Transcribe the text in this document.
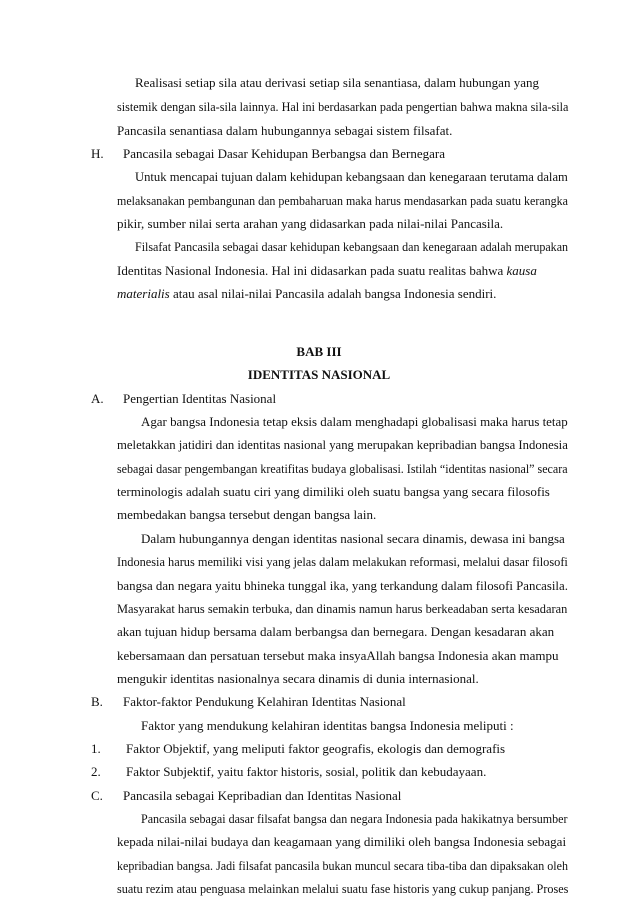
Realisasi setiap sila atau derivasi setiap sila senantiasa, dalam hubungan yang
sistemik dengan sila-sila lainnya. Hal ini berdasarkan pada pengertian bahwa makna sila-sila
Pancasila senantiasa dalam hubungannya sebagai sistem filsafat.
H. Pancasila sebagai Dasar Kehidupan Berbangsa dan Bernegara
Untuk mencapai tujuan dalam kehidupan kebangsaan dan kenegaraan terutama dalam
melaksanakan pembangunan dan pembaharuan maka harus mendasarkan pada suatu kerangka
pikir, sumber nilai serta arahan yang didasarkan pada nilai-nilai Pancasila.
Filsafat Pancasila sebagai dasar kehidupan kebangsaan dan kenegaraan adalah merupakan
Identitas Nasional Indonesia. Hal ini didasarkan pada suatu realitas bahwa kausa
materialis atau asal nilai-nilai Pancasila adalah bangsa Indonesia sendiri.
BAB III
IDENTITAS NASIONAL
A. Pengertian Identitas Nasional
Agar bangsa Indonesia tetap eksis dalam menghadapi globalisasi maka harus tetap
meletakkan jatidiri dan identitas nasional yang merupakan kepribadian bangsa Indonesia
sebagai dasar pengembangan kreatifitas budaya globalisasi. Istilah “identitas nasional” secara
terminologis adalah suatu ciri yang dimiliki oleh suatu bangsa yang secara filosofis
membedakan bangsa tersebut dengan bangsa lain.
Dalam hubungannya dengan identitas nasional secara dinamis, dewasa ini bangsa
Indonesia harus memiliki visi yang jelas dalam melakukan reformasi, melalui dasar filosofi
bangsa dan negara yaitu bhineka tunggal ika, yang terkandung dalam filosofi Pancasila.
Masyarakat harus semakin terbuka, dan dinamis namun harus berkeadaban serta kesadaran
akan tujuan hidup bersama dalam berbangsa dan bernegara. Dengan kesadaran akan
kebersamaan dan persatuan tersebut maka insyaAllah bangsa Indonesia akan mampu
mengukir identitas nasionalnya secara dinamis di dunia internasional.
B. Faktor-faktor Pendukung Kelahiran Identitas Nasional
Faktor yang mendukung kelahiran identitas bangsa Indonesia meliputi :
1. Faktor Objektif, yang meliputi faktor geografis, ekologis dan demografis
2. Faktor Subjektif, yaitu faktor historis, sosial, politik dan kebudayaan.
C. Pancasila sebagai Kepribadian dan Identitas Nasional
Pancasila sebagai dasar filsafat bangsa dan negara Indonesia pada hakikatnya bersumber
kepada nilai-nilai budaya dan keagamaan yang dimiliki oleh bangsa Indonesia sebagai
kepribadian bangsa. Jadi filsafat pancasila bukan muncul secara tiba-tiba dan dipaksakan oleh
suatu rezim atau penguasa melainkan melalui suatu fase historis yang cukup panjang. Proses
